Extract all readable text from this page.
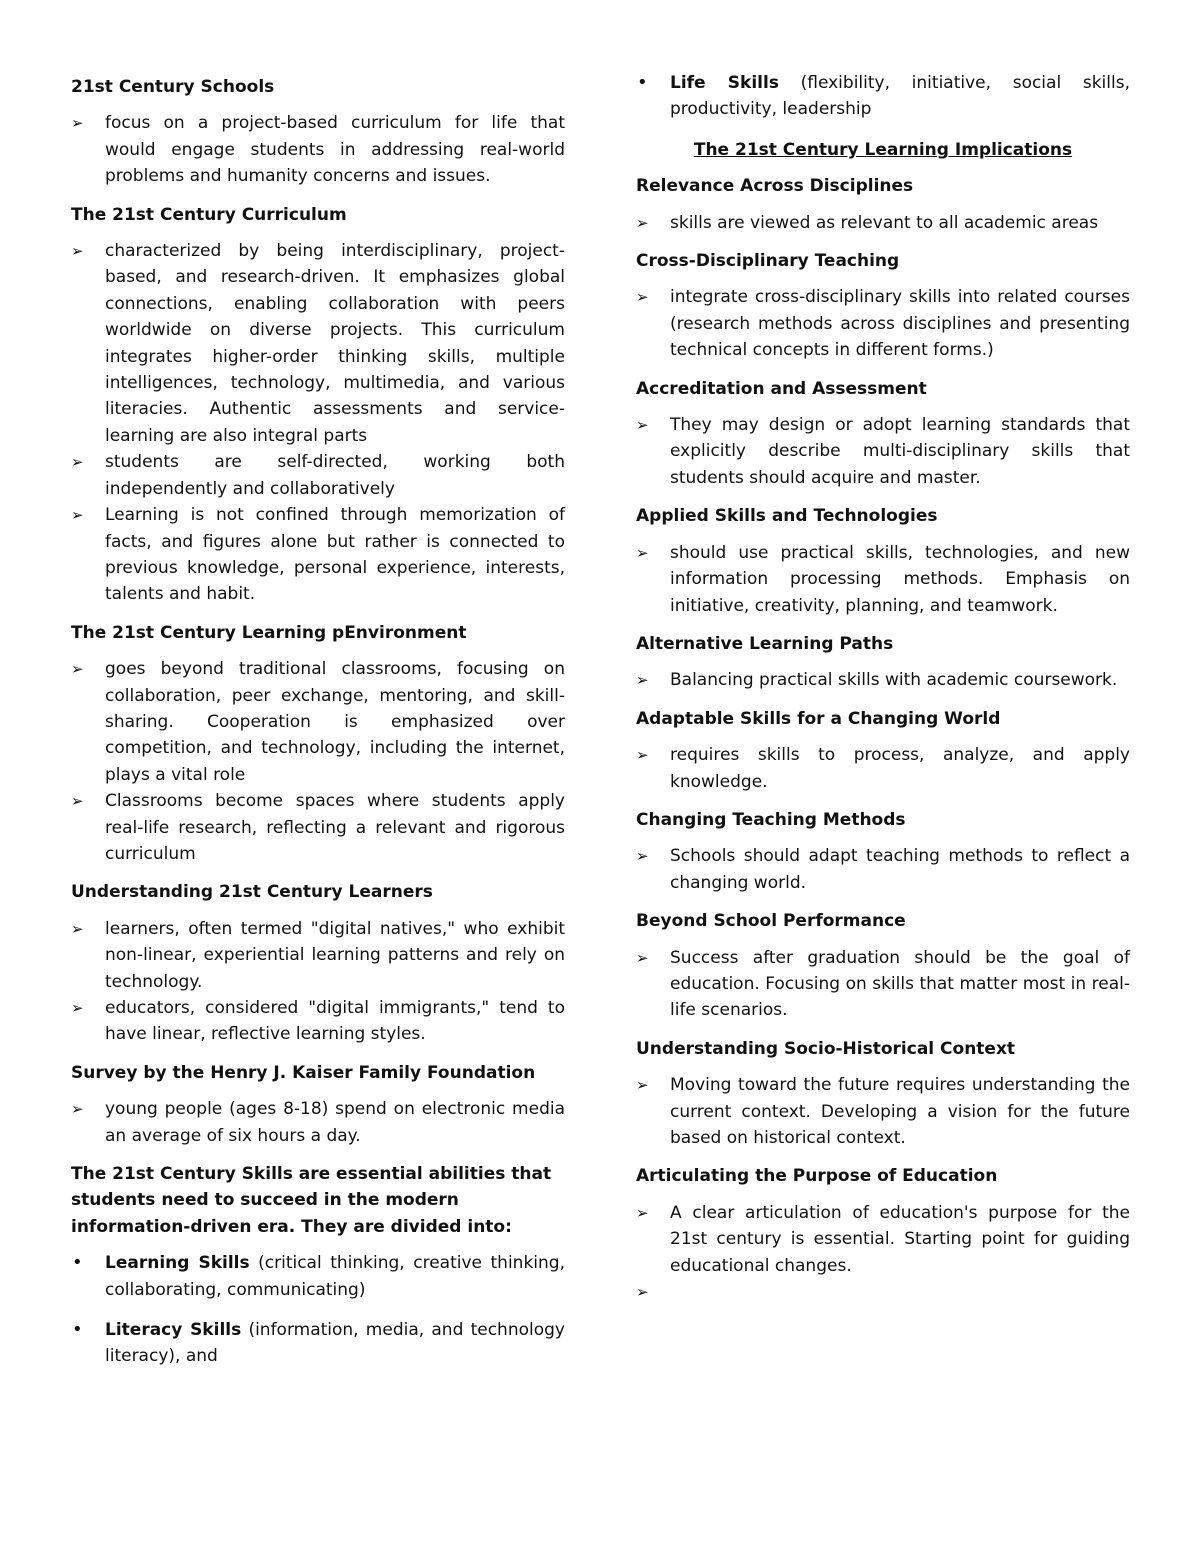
21st Century Schools
➢	focus on a project-based curriculum for life that would engage students in addressing real-world problems and humanity concerns and issues.
The 21st Century Curriculum
➢	characterized by being interdisciplinary, project-based, and research-driven. It emphasizes global connections, enabling collaboration with peers worldwide on diverse projects. This curriculum integrates higher-order thinking skills, multiple intelligences, technology, multimedia, and various literacies. Authentic assessments and service-learning are also integral parts
➢	students are self-directed, working both independently and collaboratively
➢	Learning is not confined through memorization of facts, and figures alone but rather is connected to previous knowledge, personal experience, interests, talents and habit.
The 21st Century Learning pEnvironment
➢	goes beyond traditional classrooms, focusing on collaboration, peer exchange, mentoring, and skill-sharing. Cooperation is emphasized over competition, and technology, including the internet, plays a vital role
➢	Classrooms become spaces where students apply real-life research, reflecting a relevant and rigorous curriculum
Understanding 21st Century Learners
➢	learners, often termed "digital natives," who exhibit non-linear, experiential learning patterns and rely on technology.
➢	educators, considered "digital immigrants," tend to have linear, reflective learning styles.
Survey by the Henry J. Kaiser Family Foundation
➢	young people (ages 8-18) spend on electronic media an average of six hours a day.
The 21st Century Skills are essential abilities that students need to succeed in the modern information-driven era. They are divided into:
•	Learning Skills (critical thinking, creative thinking, collaborating, communicating)
•	Literacy Skills (information, media, and technology literacy), and
•	Life Skills (flexibility, initiative, social skills, productivity, leadership
The 21st Century Learning Implications
Relevance Across Disciplines
➢	skills are viewed as relevant to all academic areas
Cross-Disciplinary Teaching
➢	integrate cross-disciplinary skills into related courses (research methods across disciplines and presenting technical concepts in different forms.)
Accreditation and Assessment
➢	They may design or adopt learning standards that explicitly describe multi-disciplinary skills that students should acquire and master.
Applied Skills and Technologies
➢	should use practical skills, technologies, and new information processing methods. Emphasis on initiative, creativity, planning, and teamwork.
Alternative Learning Paths
➢	Balancing practical skills with academic coursework.
Adaptable Skills for a Changing World
➢	requires skills to process, analyze, and apply knowledge.
Changing Teaching Methods
➢	Schools should adapt teaching methods to reflect a changing world.
Beyond School Performance
➢	Success after graduation should be the goal of education. Focusing on skills that matter most in real-life scenarios.
Understanding Socio-Historical Context
➢	Moving toward the future requires understanding the current context. Developing a vision for the future based on historical context.
Articulating the Purpose of Education
➢	A clear articulation of education's purpose for the 21st century is essential. Starting point for guiding educational changes.
➢
